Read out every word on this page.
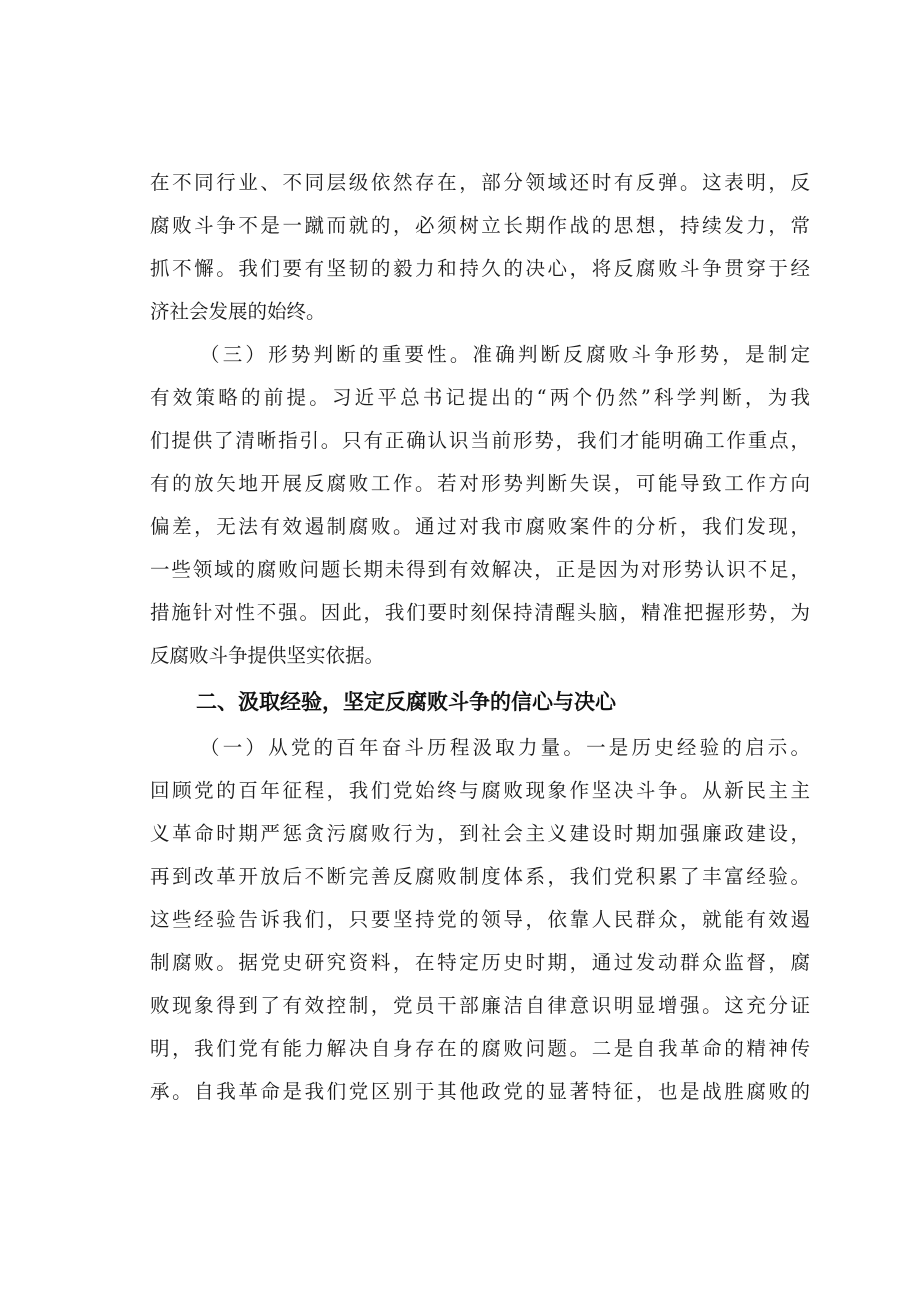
在不同行业、不同层级依然存在，部分领域还时有反弹。这表明，反
腐败斗争不是一蹴而就的，必须树立长期作战的思想，持续发力，常
抓不懈。我们要有坚韧的毅力和持久的决心，将反腐败斗争贯穿于经
济社会发展的始终。
（三）形势判断的重要性。准确判断反腐败斗争形势，是制定
有效策略的前提。习近平总书记提出的“两个仍然”科学判断，为我
们提供了清晰指引。只有正确认识当前形势，我们才能明确工作重点，
有的放矢地开展反腐败工作。若对形势判断失误，可能导致工作方向
偏差，无法有效遏制腐败。通过对我市腐败案件的分析，我们发现，
一些领域的腐败问题长期未得到有效解决，正是因为对形势认识不足，
措施针对性不强。因此，我们要时刻保持清醒头脑，精准把握形势，为
反腐败斗争提供坚实依据。
二、汲取经验，坚定反腐败斗争的信心与决心
（一）从党的百年奋斗历程汲取力量。一是历史经验的启示。
回顾党的百年征程，我们党始终与腐败现象作坚决斗争。从新民主主
义革命时期严惩贪污腐败行为，到社会主义建设时期加强廉政建设，
再到改革开放后不断完善反腐败制度体系，我们党积累了丰富经验。
这些经验告诉我们，只要坚持党的领导，依靠人民群众，就能有效遏
制腐败。据党史研究资料，在特定历史时期，通过发动群众监督，腐
败现象得到了有效控制，党员干部廉洁自律意识明显增强。这充分证
明，我们党有能力解决自身存在的腐败问题。二是自我革命的精神传
承。自我革命是我们党区别于其他政党的显著特征，也是战胜腐败的
